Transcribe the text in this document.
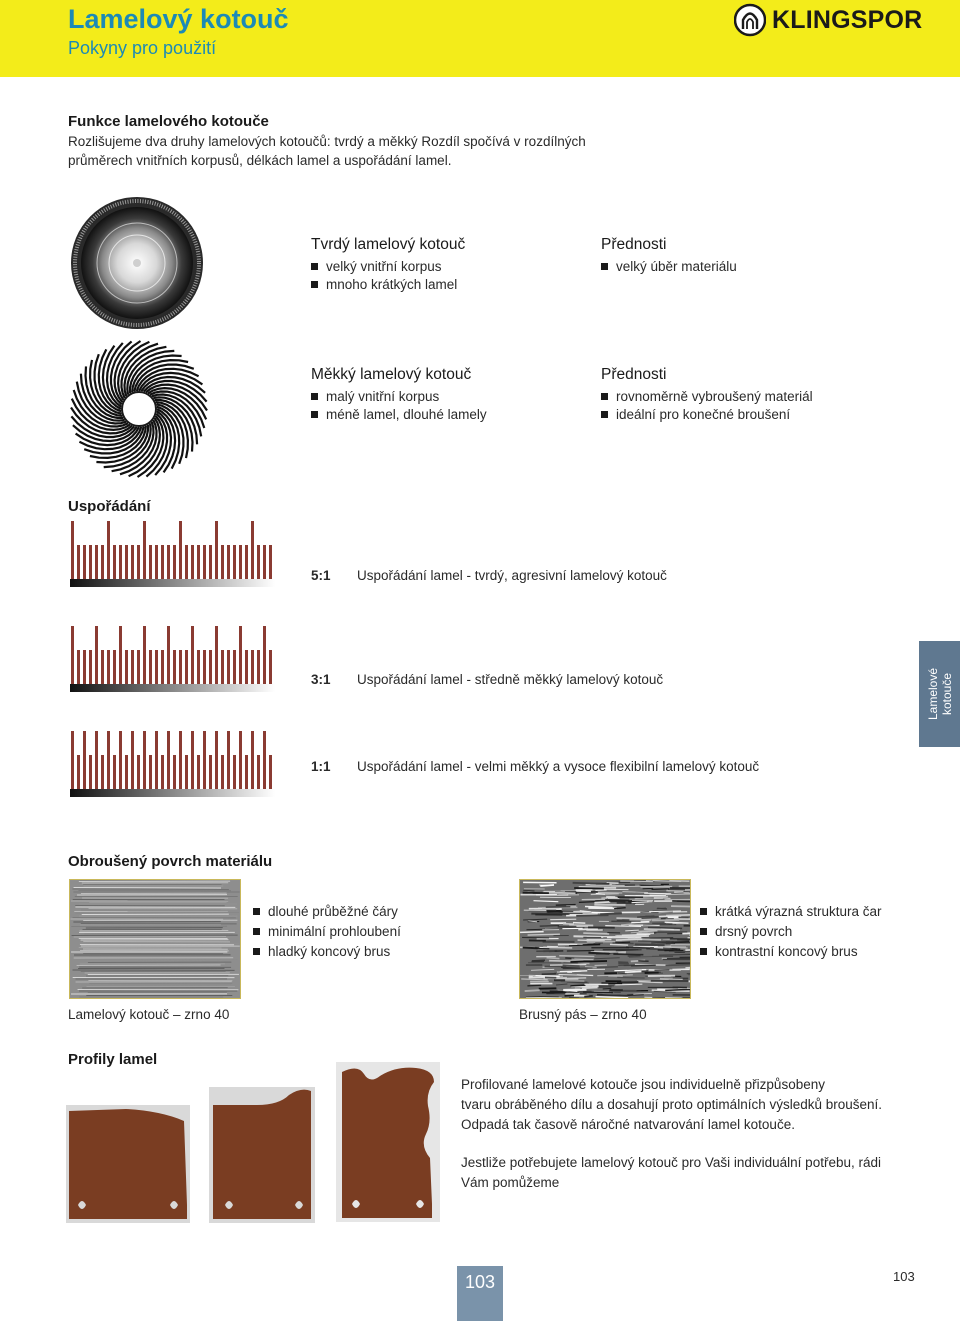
Lamelový kotouč
Pokyny pro použití
KLINGSPOR
Funkce lamelového kotouče
Rozlišujeme dva druhy lamelových kotoučů: tvrdý a měkký Rozdíl spočívá v rozdílných
průměrech vnitřních korpusů, délkách lamel a uspořádání lamel.
Tvrdý lamelový kotouč
velký vnitřní korpus
mnoho krátkých lamel
Přednosti
velký úběr materiálu
Měkký lamelový kotouč
malý vnitřní korpus
méně lamel, dlouhé lamely
Přednosti
rovnoměrně vybroušený materiál
ideální pro konečné broušení
Uspořádání
5:1 Uspořádání lamel - tvrdý, agresivní lamelový kotouč
3:1 Uspořádání lamel - středně měkký lamelový kotouč
1:1 Uspořádání lamel - velmi měkký a vysoce flexibilní lamelový kotouč
Lamelové kotouče
Obroušený povrch materiálu
dlouhé průběžné čáry
minimální prohloubení
hladký koncový brus
Lamelový kotouč – zrno 40
krátká výrazná struktura čar
drsný povrch
kontrastní koncový brus
Brusný pás – zrno 40
Profily lamel
Profilované lamelové kotouče jsou individuelně přizpůsobeny
tvaru obráběného dílu a dosahují proto optimálních výsledků broušení.
Odpadá tak časově náročné natvarování lamel kotouče.
Jestliže potřebujete lamelový kotouč pro Vaši individuální potřebu, rádi
Vám pomůžeme
103	103
